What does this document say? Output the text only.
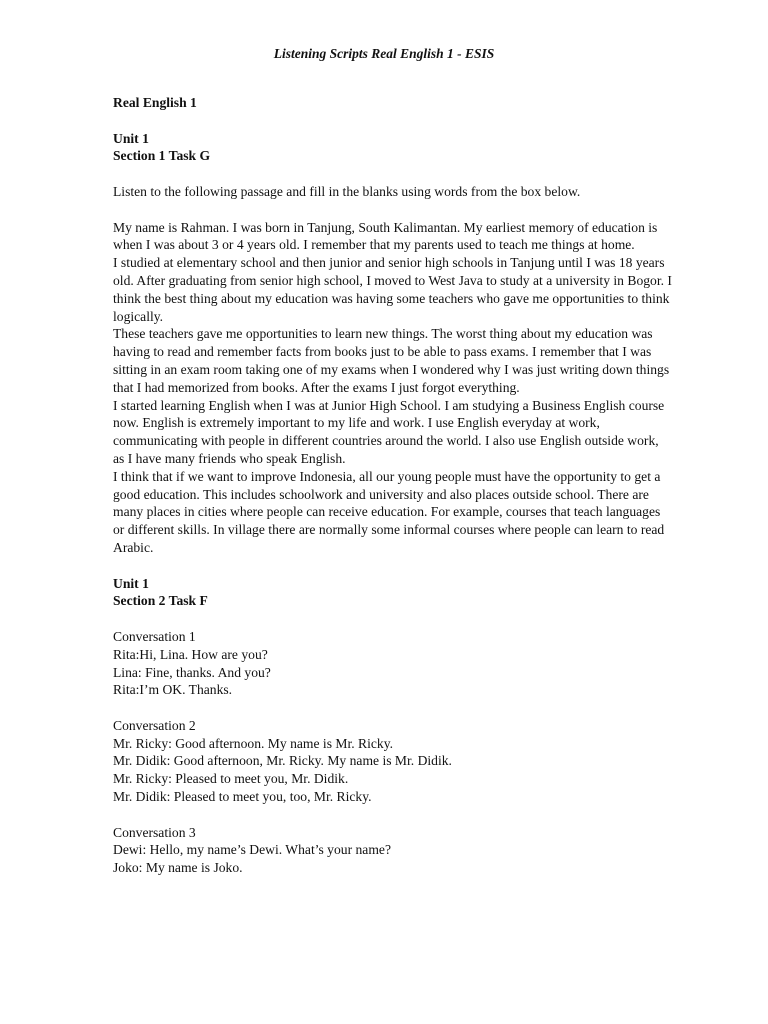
Listening Scripts Real English 1 - ESIS

Real English 1

Unit 1

Section 1 Task G

Listen to the following passage and fill in the blanks using words from the box below.

My name is Rahman. I was born in Tanjung, South Kalimantan. My earliest memory of education is when I was about 3 or 4 years old. I remember that my parents used to teach me things at home.

I studied at elementary school and then junior and senior high schools in Tanjung until I was 18 years old. After graduating from senior high school, I moved to West Java to study at a university in Bogor. I think the best thing about my education was having some teachers who gave me opportunities to think logically.

These teachers gave me opportunities to learn new things. The worst thing about my education was having to read and remember facts from books just to be able to pass exams. I remember that I was sitting in an exam room taking one of my exams when I wondered why I was just writing down things that I had memorized from books. After the exams I just forgot everything.

I started learning English when I was at Junior High School. I am studying a Business English course now. English is extremely important to my life and work. I use English everyday at work, communicating with people in different countries around the world. I also use English outside work, as I have many friends who speak English.

I think that if we want to improve Indonesia, all our young people must have the opportunity to get a good education. This includes schoolwork and university and also places outside school. There are many places in cities where people can receive education. For example, courses that teach languages or different skills. In village there are normally some informal courses where people can learn to read Arabic.

Unit 1

Section 2 Task F

Conversation 1

Rita:Hi, Lina. How are you?

Lina: Fine, thanks. And you?

Rita:I’m OK. Thanks.

Conversation 2

Mr. Ricky: Good afternoon. My name is Mr. Ricky.

Mr. Didik: Good afternoon, Mr. Ricky. My name is Mr. Didik.

Mr. Ricky: Pleased to meet you, Mr. Didik.

Mr. Didik: Pleased to meet you, too, Mr. Ricky.

Conversation 3

Dewi: Hello, my name’s Dewi. What’s your name?

Joko: My name is Joko.
